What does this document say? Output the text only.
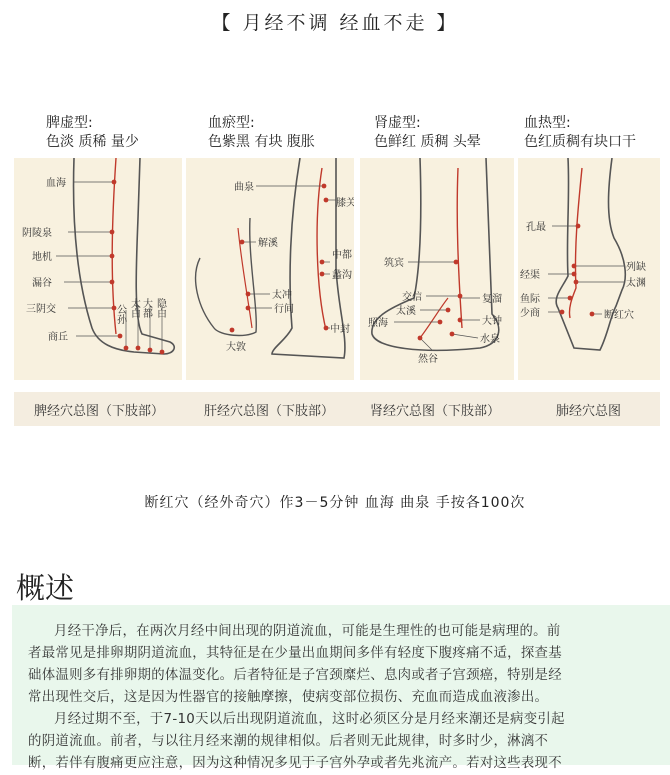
【 月经不调 经血不走 】
脾虚型:
色淡 质稀 量少
血瘀型:
色紫黑 有块 腹胀
肾虚型:
色鲜红 质稠 头晕
血热型:
色红质稠有块口干
血海
阴陵泉
地机
漏谷
三阴交
商丘
公孙 太白 大都 隐白
曲泉
膝关
中都
蠡沟
中封
解溪
太冲
行间
大敦
筑宾
交信
太溪
照海
复溜
大钟
水泉
然谷
孔最
列缺
经渠
太渊
鱼际
少商	断红穴
脾经穴总图（下肢部）	肝经穴总图（下肢部）	肾经穴总图（下肢部）	肺经穴总图
断红穴（经外奇穴）作3－5分钟 血海 曲泉 手按各100次
概述
月经干净后，在两次月经中间出现的阴道流血，可能是生理性的也可能是病理的。前
者最常见是排卵期阴道流血，其特征是在少量出血期间多伴有轻度下腹疼痛不适，探查基
础体温则多有排卵期的体温变化。后者特征是子宫颈糜烂、息肉或者子宫颈癌，特别是经
常出现性交后，这是因为性器官的接触摩擦，使病变部位损伤、充血而造成血液渗出。
月经过期不至，于7-10天以后出现阴道流血，这时必须区分是月经来潮还是病变引起
的阴道流血。前者，与以往月经来潮的规律相似。后者则无此规律，时多时少，淋漓不
断，若伴有腹痛更应注意，因为这种情况多见于子宫外孕或者先兆流产。若对这些表现不
